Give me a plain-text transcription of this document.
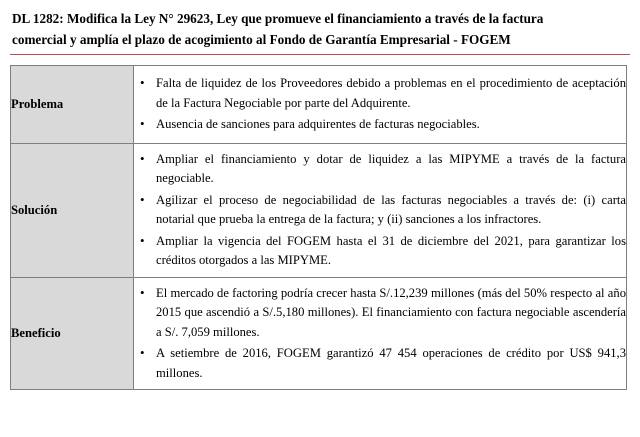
DL 1282: Modifica la Ley N° 29623, Ley que promueve el financiamiento a través de la factura
comercial y amplía el plazo de acogimiento al Fondo de Garantía Empresarial - FOGEM
Problema	
• Falta de liquidez de los Proveedores debido a problemas en el procedimiento de aceptación de la Factura Negociable por parte del Adquirente.
• Ausencia de sanciones para adquirentes de facturas negociables.

Solución	
• Ampliar el financiamiento y dotar de liquidez a las MIPYME a través de la factura negociable.
• Agilizar el proceso de negociabilidad de las facturas negociables a través de: (i) carta notarial que prueba la entrega de la factura; y (ii) sanciones a los infractores.
• Ampliar la vigencia del FOGEM hasta el 31 de diciembre del 2021, para garantizar los créditos otorgados a las MIPYME.

Beneficio	
• El mercado de factoring podría crecer hasta S/.12,239 millones (más del 50% respecto al año 2015 que ascendió a S/.5,180 millones). El financiamiento con factura negociable ascendería a S/. 7,059 millones.
• A setiembre de 2016, FOGEM garantizó 47 454 operaciones de crédito por US$ 941,3 millones.
